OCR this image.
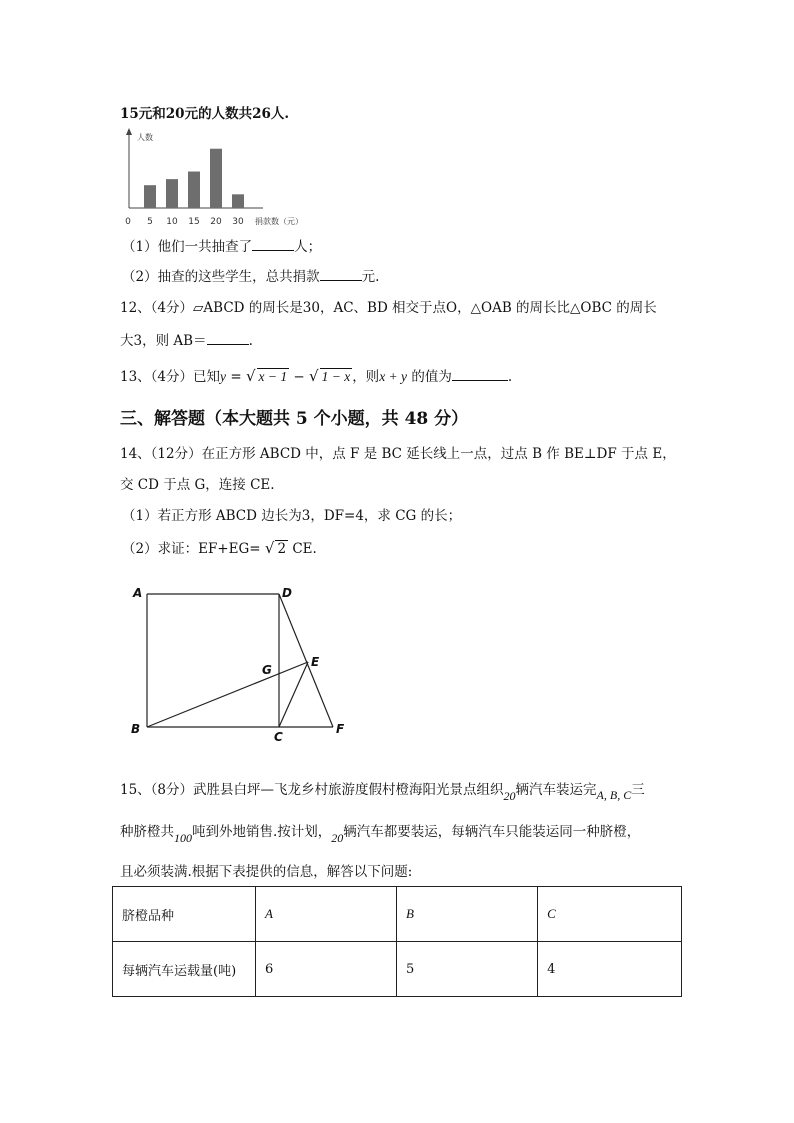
15元和20元的人数共26人.
人数
0	捐款数（元）
5 10 15 20 30
（1）他们一共抽查了	人；
（2）抽查的这些学生，总共捐款	元.
12、（4分）▱ABCD 的周长是30，AC、BD 相交于点O，△OAB 的周长比△OBC 的周长
大3，则 AB＝	.
13、（4分）已知y = √ x − 1 − √ 1 − x ，则x + y 的值为	.
三、解答题（本大题共 5 个小题，共 48 分）
14、（12分）在正方形 ABCD 中，点 F 是 BC 延长线上一点，过点 B 作 BE⊥DF 于点 E，
交 CD 于点 G，连接 CE.
（1）若正方形 ABCD 边长为3，DF=4，求 CG 的长；
（2）求证：EF+EG= √ 2 CE.
A	D
G
E
B
C
F
15、（8分）武胜县白坪—飞龙乡村旅游度假村橙海阳光景点组织20辆汽车装运完A, B, C三
种脐橙共100吨到外地销售.按计划，20辆汽车都要装运，每辆汽车只能装运同一种脐橙，
且必须装满.根据下表提供的信息，解答以下问题:
脐橙品种	A	B	C
每辆汽车运载量(吨)	6	5	4
